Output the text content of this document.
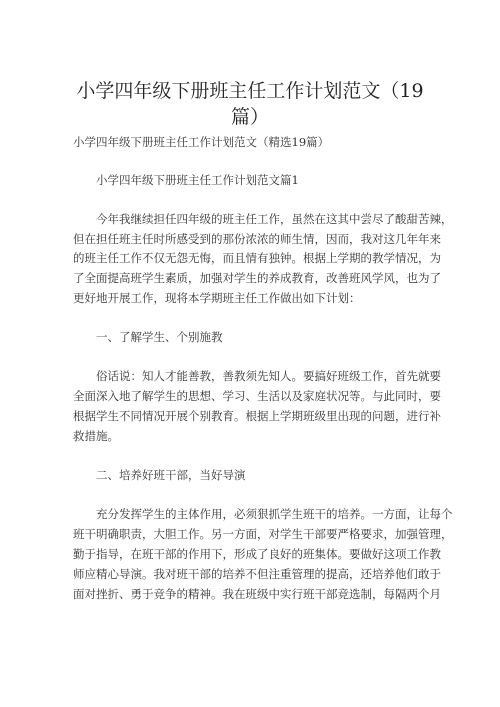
小学四年级下册班主任工作计划范文（19
篇）

小学四年级下册班主任工作计划范文（精选19篇）

小学四年级下册班主任工作计划范文篇1

今年我继续担任四年级的班主任工作，虽然在这其中尝尽了酸甜苦辣，

但在担任班主任时所感受到的那份浓浓的师生情，因而，我对这几年年来

的班主任工作不仅无怨无悔，而且情有独钟。根据上学期的教学情况，为

了全面提高班学生素质，加强对学生的养成教育，改善班风学风，也为了

更好地开展工作，现将本学期班主任工作做出如下计划：

一、了解学生、个别施教

俗话说：知人才能善教，善教须先知人。要搞好班级工作，首先就要

全面深入地了解学生的思想、学习、生活以及家庭状况等。与此同时，要

根据学生不同情况开展个别教育。根据上学期班级里出现的问题，进行补

救措施。

二、培养好班干部，当好导演

充分发挥学生的主体作用，必须狠抓学生班干的培养。一方面，让每个

班干明确职责，大胆工作。另一方面，对学生干部要严格要求，加强管理，

勤于指导，在班干部的作用下，形成了良好的班集体。要做好这项工作教

师应精心导演。我对班干部的培养不但注重管理的提高，还培养他们敢于

面对挫折、勇于竞争的精神。我在班级中实行班干部竞选制，每隔两个月
